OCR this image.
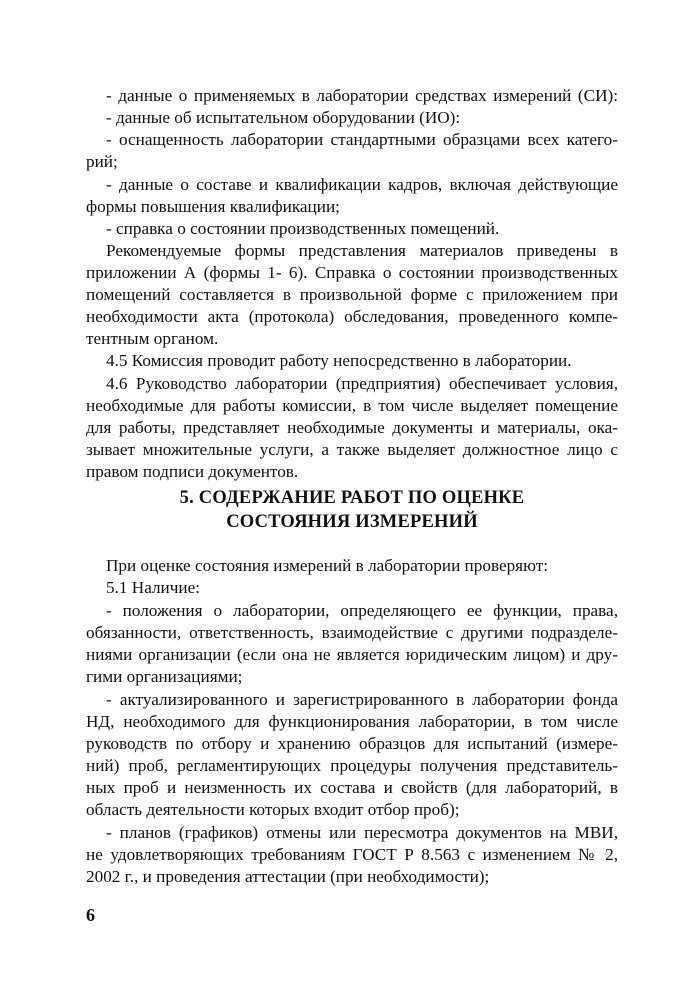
- данные о применяемых в лаборатории средствах измерений (СИ):
- данные об испытательном оборудовании (ИО):
- оснащенность лаборатории стандартными образцами всех катего-
рий;
- данные о составе и квалификации кадров, включая действующие
формы повышения квалификации;
- справка о состоянии производственных помещений.
Рекомендуемые формы представления материалов приведены в
приложении А (формы 1- 6). Справка о состоянии производственных
помещений составляется в произвольной форме с приложением при
необходимости акта (протокола) обследования, проведенного компе-
тентным органом.
4.5 Комиссия проводит работу непосредственно в лаборатории.
4.6 Руководство лаборатории (предприятия) обеспечивает условия,
необходимые для работы комиссии, в том числе выделяет помещение
для работы, представляет необходимые документы и материалы, ока-
зывает множительные услуги, а также выделяет должностное лицо с
правом подписи документов.
5. СОДЕРЖАНИЕ РАБОТ ПО ОЦЕНКЕ
СОСТОЯНИЯ ИЗМЕРЕНИЙ
При оценке состояния измерений в лаборатории проверяют:
5.1 Наличие:
- положения о лаборатории, определяющего ее функции, права,
обязанности, ответственность, взаимодействие с другими подразделе-
ниями организации (если она не является юридическим лицом) и дру-
гими организациями;
- актуализированного и зарегистрированного в лаборатории фонда
НД, необходимого для функционирования лаборатории, в том числе
руководств по отбору и хранению образцов для испытаний (измере-
ний) проб, регламентирующих процедуры получения представитель-
ных проб и неизменность их состава и свойств (для лабораторий, в
область деятельности которых входит отбор проб);
- планов (графиков) отмены или пересмотра документов на МВИ,
не удовлетворяющих требованиям ГОСТ Р 8.563 с изменением № 2,
2002 г., и проведения аттестации (при необходимости);
6
